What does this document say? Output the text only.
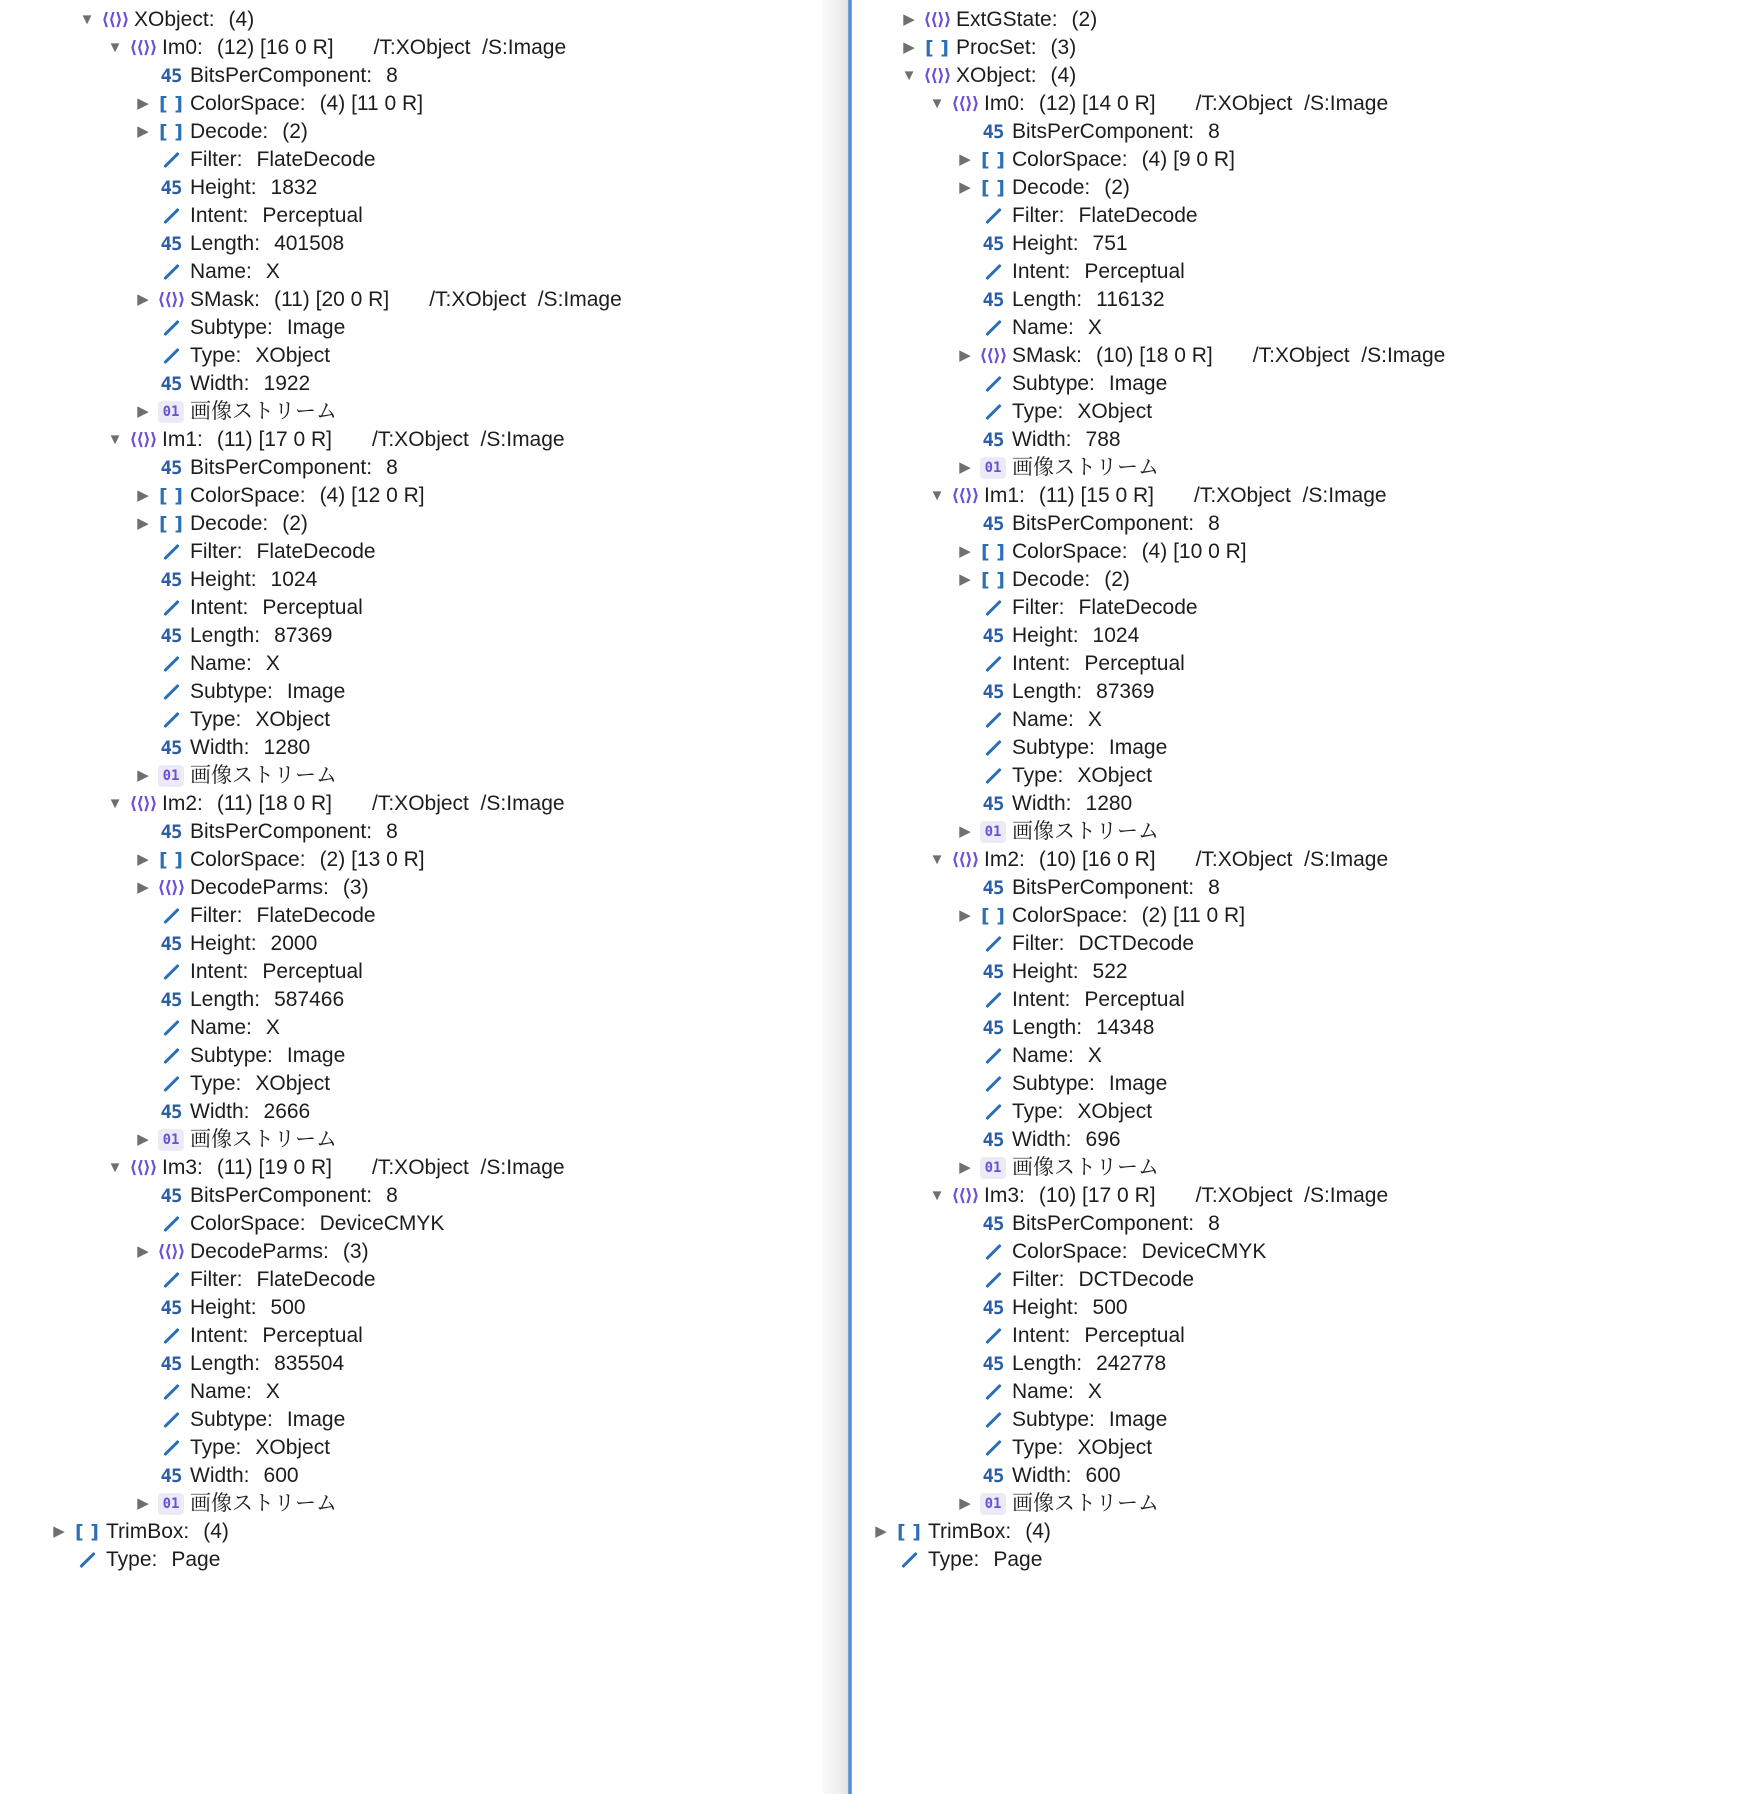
▼ ⟨⟨⟩⟩ XObject: (4)
▼ ⟨⟨⟩⟩ Im0: (12) [16 0 R] /T:XObject  /S:Image
45 BitsPerComponent: 8
▶ [ ] ColorSpace: (4) [11 0 R]
▶ [ ] Decode: (2)
Filter: FlateDecode
45 Height: 1832
Intent: Perceptual
45 Length: 401508
Name: X
▶ ⟨⟨⟩⟩ SMask: (11) [20 0 R] /T:XObject  /S:Image
Subtype: Image
Type: XObject
45 Width: 1922
▶ 01 画像ストリーム
▼ ⟨⟨⟩⟩ Im1: (11) [17 0 R] /T:XObject  /S:Image
45 BitsPerComponent: 8
▶ [ ] ColorSpace: (4) [12 0 R]
▶ [ ] Decode: (2)
Filter: FlateDecode
45 Height: 1024
Intent: Perceptual
45 Length: 87369
Name: X
Subtype: Image
Type: XObject
45 Width: 1280
▶ 01 画像ストリーム
▼ ⟨⟨⟩⟩ Im2: (11) [18 0 R] /T:XObject  /S:Image
45 BitsPerComponent: 8
▶ [ ] ColorSpace: (2) [13 0 R]
▶ ⟨⟨⟩⟩ DecodeParms: (3)
Filter: FlateDecode
45 Height: 2000
Intent: Perceptual
45 Length: 587466
Name: X
Subtype: Image
Type: XObject
45 Width: 2666
▶ 01 画像ストリーム
▼ ⟨⟨⟩⟩ Im3: (11) [19 0 R] /T:XObject  /S:Image
45 BitsPerComponent: 8
ColorSpace: DeviceCMYK
▶ ⟨⟨⟩⟩ DecodeParms: (3)
Filter: FlateDecode
45 Height: 500
Intent: Perceptual
45 Length: 835504
Name: X
Subtype: Image
Type: XObject
45 Width: 600
▶ 01 画像ストリーム
▶ [ ] TrimBox: (4)
Type: Page
▶ ⟨⟨⟩⟩ ExtGState: (2)
▶ [ ] ProcSet: (3)
▼ ⟨⟨⟩⟩ XObject: (4)
▼ ⟨⟨⟩⟩ Im0: (12) [14 0 R] /T:XObject  /S:Image
45 BitsPerComponent: 8
▶ [ ] ColorSpace: (4) [9 0 R]
▶ [ ] Decode: (2)
Filter: FlateDecode
45 Height: 751
Intent: Perceptual
45 Length: 116132
Name: X
▶ ⟨⟨⟩⟩ SMask: (10) [18 0 R] /T:XObject  /S:Image
Subtype: Image
Type: XObject
45 Width: 788
▶ 01 画像ストリーム
▼ ⟨⟨⟩⟩ Im1: (11) [15 0 R] /T:XObject  /S:Image
45 BitsPerComponent: 8
▶ [ ] ColorSpace: (4) [10 0 R]
▶ [ ] Decode: (2)
Filter: FlateDecode
45 Height: 1024
Intent: Perceptual
45 Length: 87369
Name: X
Subtype: Image
Type: XObject
45 Width: 1280
▶ 01 画像ストリーム
▼ ⟨⟨⟩⟩ Im2: (10) [16 0 R] /T:XObject  /S:Image
45 BitsPerComponent: 8
▶ [ ] ColorSpace: (2) [11 0 R]
Filter: DCTDecode
45 Height: 522
Intent: Perceptual
45 Length: 14348
Name: X
Subtype: Image
Type: XObject
45 Width: 696
▶ 01 画像ストリーム
▼ ⟨⟨⟩⟩ Im3: (10) [17 0 R] /T:XObject  /S:Image
45 BitsPerComponent: 8
ColorSpace: DeviceCMYK
Filter: DCTDecode
45 Height: 500
Intent: Perceptual
45 Length: 242778
Name: X
Subtype: Image
Type: XObject
45 Width: 600
▶ 01 画像ストリーム
▶ [ ] TrimBox: (4)
Type: Page
